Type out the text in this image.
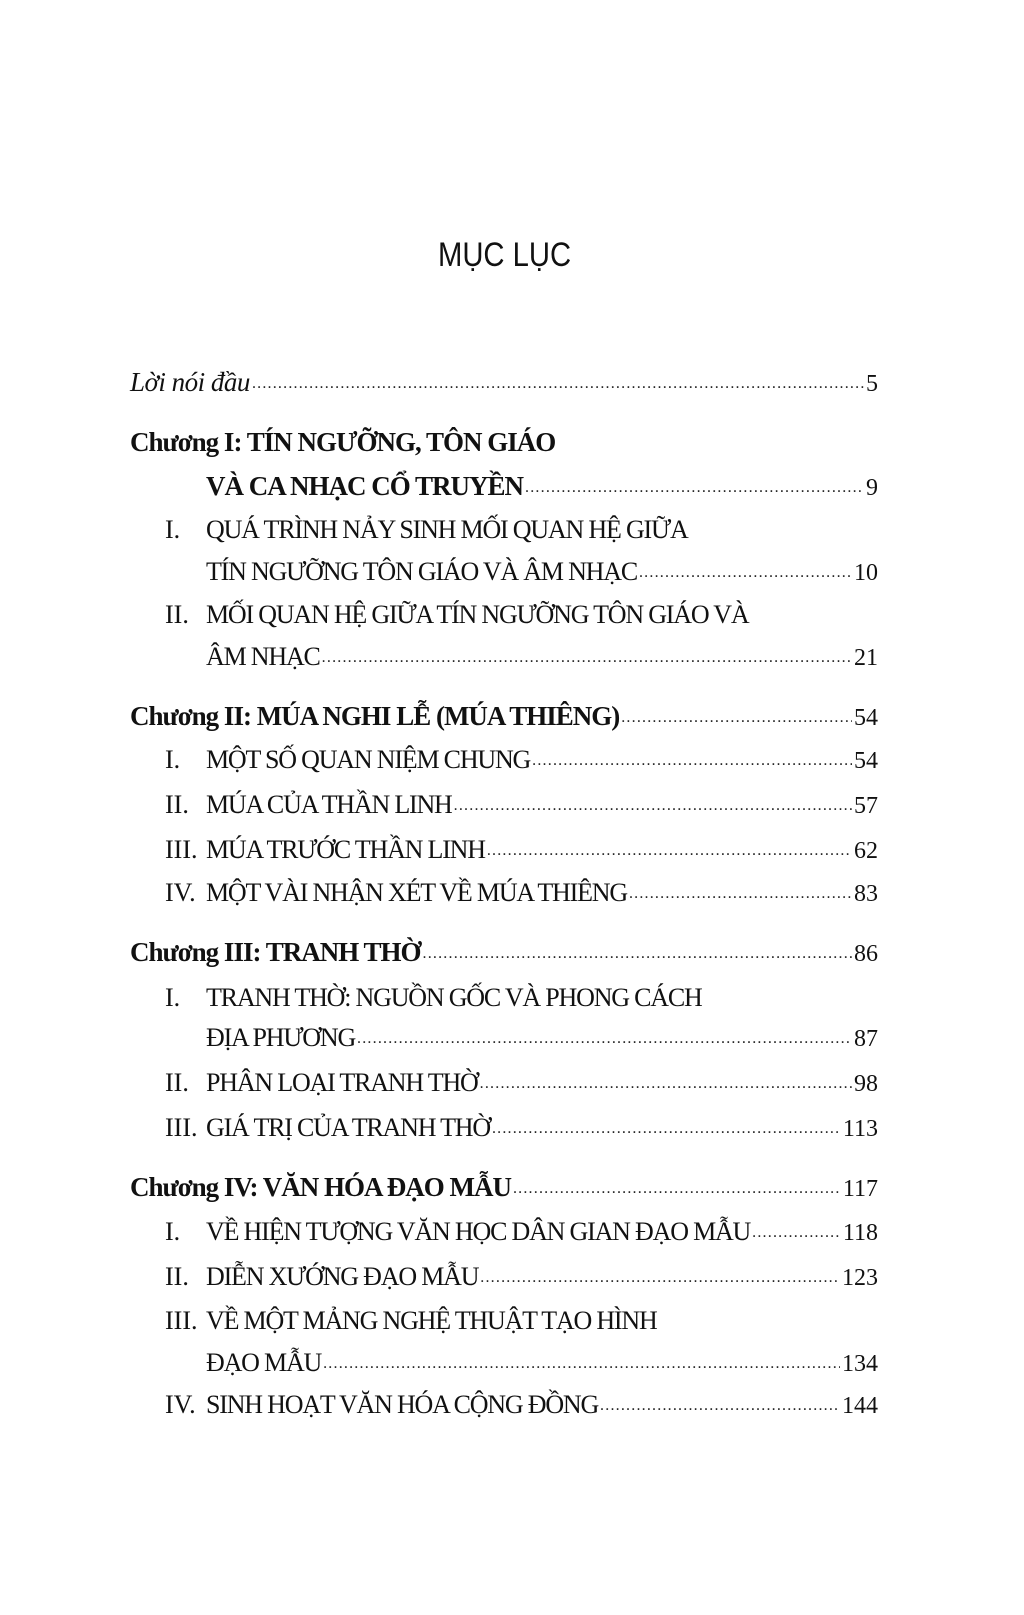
MỤC LỤC
Lời nói đầu .....	5
Chương I: TÍN NGƯỠNG, TÔN GIÁO
VÀ CA NHẠC CỔ TRUYỀN .....	9
I. QUÁ TRÌNH NẢY SINH MỐI QUAN HỆ GIỮA
TÍN NGƯỠNG TÔN GIÁO VÀ ÂM NHẠC .....	10
II. MỐI QUAN HỆ GIỮA TÍN NGƯỠNG TÔN GIÁO VÀ
ÂM NHẠC .....	21
Chương II: MÚA NGHI LỄ (MÚA THIÊNG) .....	54
I. MỘT SỐ QUAN NIỆM CHUNG .....	54
II. MÚA CỦA THẦN LINH .....	57
III. MÚA TRƯỚC THẦN LINH .....	62
IV. MỘT VÀI NHẬN XÉT VỀ MÚA THIÊNG .....	83
Chương III: TRANH THỜ .....	86
I. TRANH THỜ: NGUỒN GỐC VÀ PHONG CÁCH
ĐỊA PHƯƠNG .....	87
II. PHÂN LOẠI TRANH THỜ .....	98
III. GIÁ TRỊ CỦA TRANH THỜ .....	113
Chương IV: VĂN HÓA ĐẠO MẪU .....	117
I. VỀ HIỆN TƯỢNG VĂN HỌC DÂN GIAN ĐẠO MẪU .....	118
II. DIỄN XƯỚNG ĐẠO MẪU .....	123
III. VỀ MỘT MẢNG NGHỆ THUẬT TẠO HÌNH
ĐẠO MẪU .....	134
IV. SINH HOẠT VĂN HÓA CỘNG ĐỒNG .....	144
